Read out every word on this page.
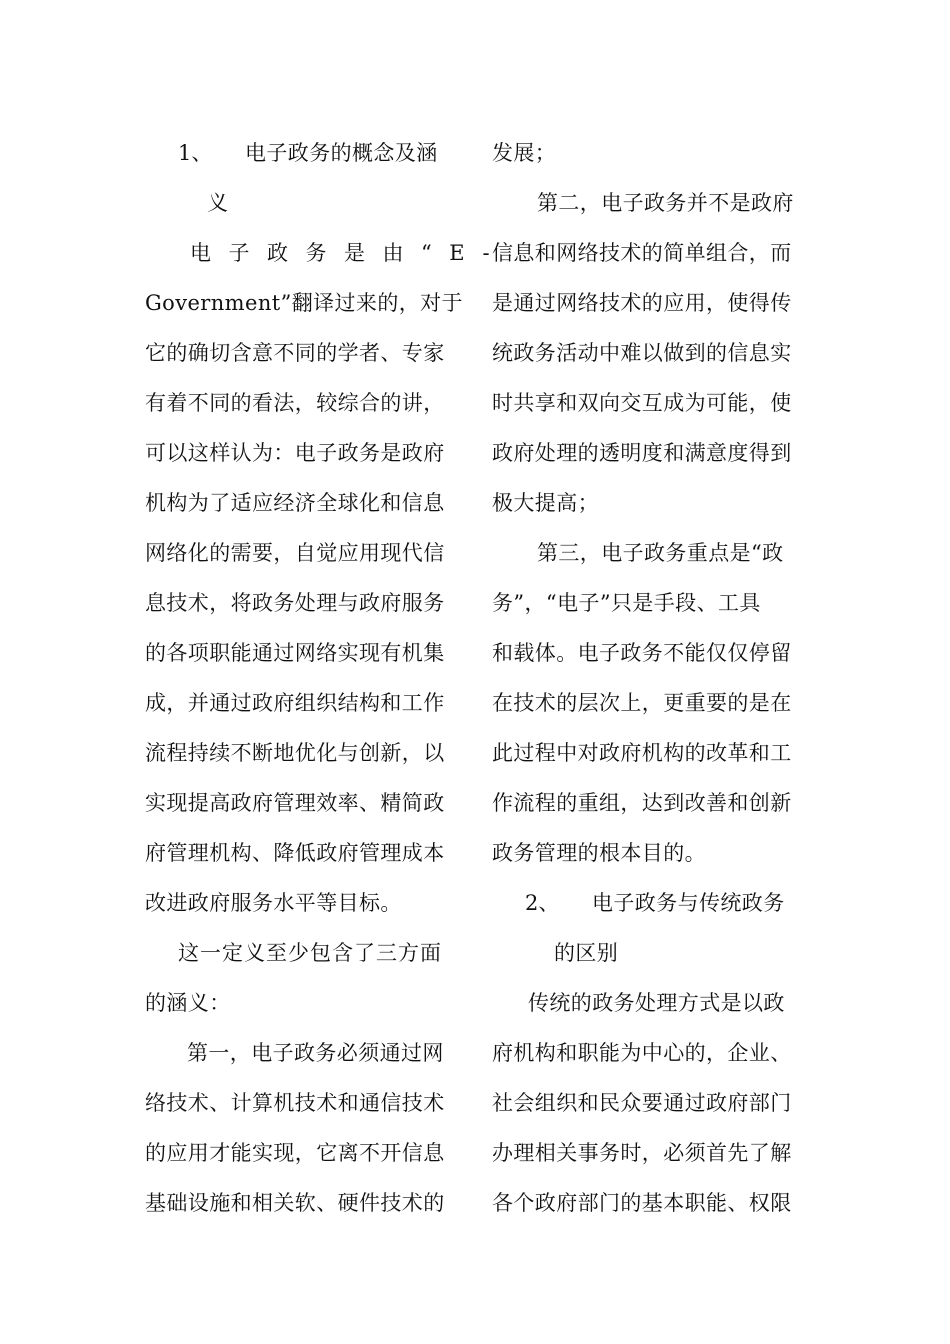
1、 电子政务的概念及涵
义
电子政务是由“E-
Government”翻译过来的，对于
它的确切含意不同的学者、专家
有着不同的看法，较综合的讲，
可以这样认为：电子政务是政府
机构为了适应经济全球化和信息
网络化的需要，自觉应用现代信
息技术，将政务处理与政府服务
的各项职能通过网络实现有机集
成，并通过政府组织结构和工作
流程持续不断地优化与创新，以
实现提高政府管理效率、精简政
府管理机构、降低政府管理成本
改进政府服务水平等目标。
这一定义至少包含了三方面
的涵义：
第一，电子政务必须通过网
络技术、计算机技术和通信技术
的应用才能实现，它离不开信息
基础设施和相关软、硬件技术的
发展；
第二，电子政务并不是政府
信息和网络技术的简单组合，而
是通过网络技术的应用，使得传
统政务活动中难以做到的信息实
时共享和双向交互成为可能，使
政府处理的透明度和满意度得到
极大提高；
第三，电子政务重点是“政
务”，“电子”只是手段、工具
和载体。电子政务不能仅仅停留
在技术的层次上，更重要的是在
此过程中对政府机构的改革和工
作流程的重组，达到改善和创新
政务管理的根本目的。
2、 电子政务与传统政务
的区别
传统的政务处理方式是以政
府机构和职能为中心的，企业、
社会组织和民众要通过政府部门
办理相关事务时，必须首先了解
各个政府部门的基本职能、权限
